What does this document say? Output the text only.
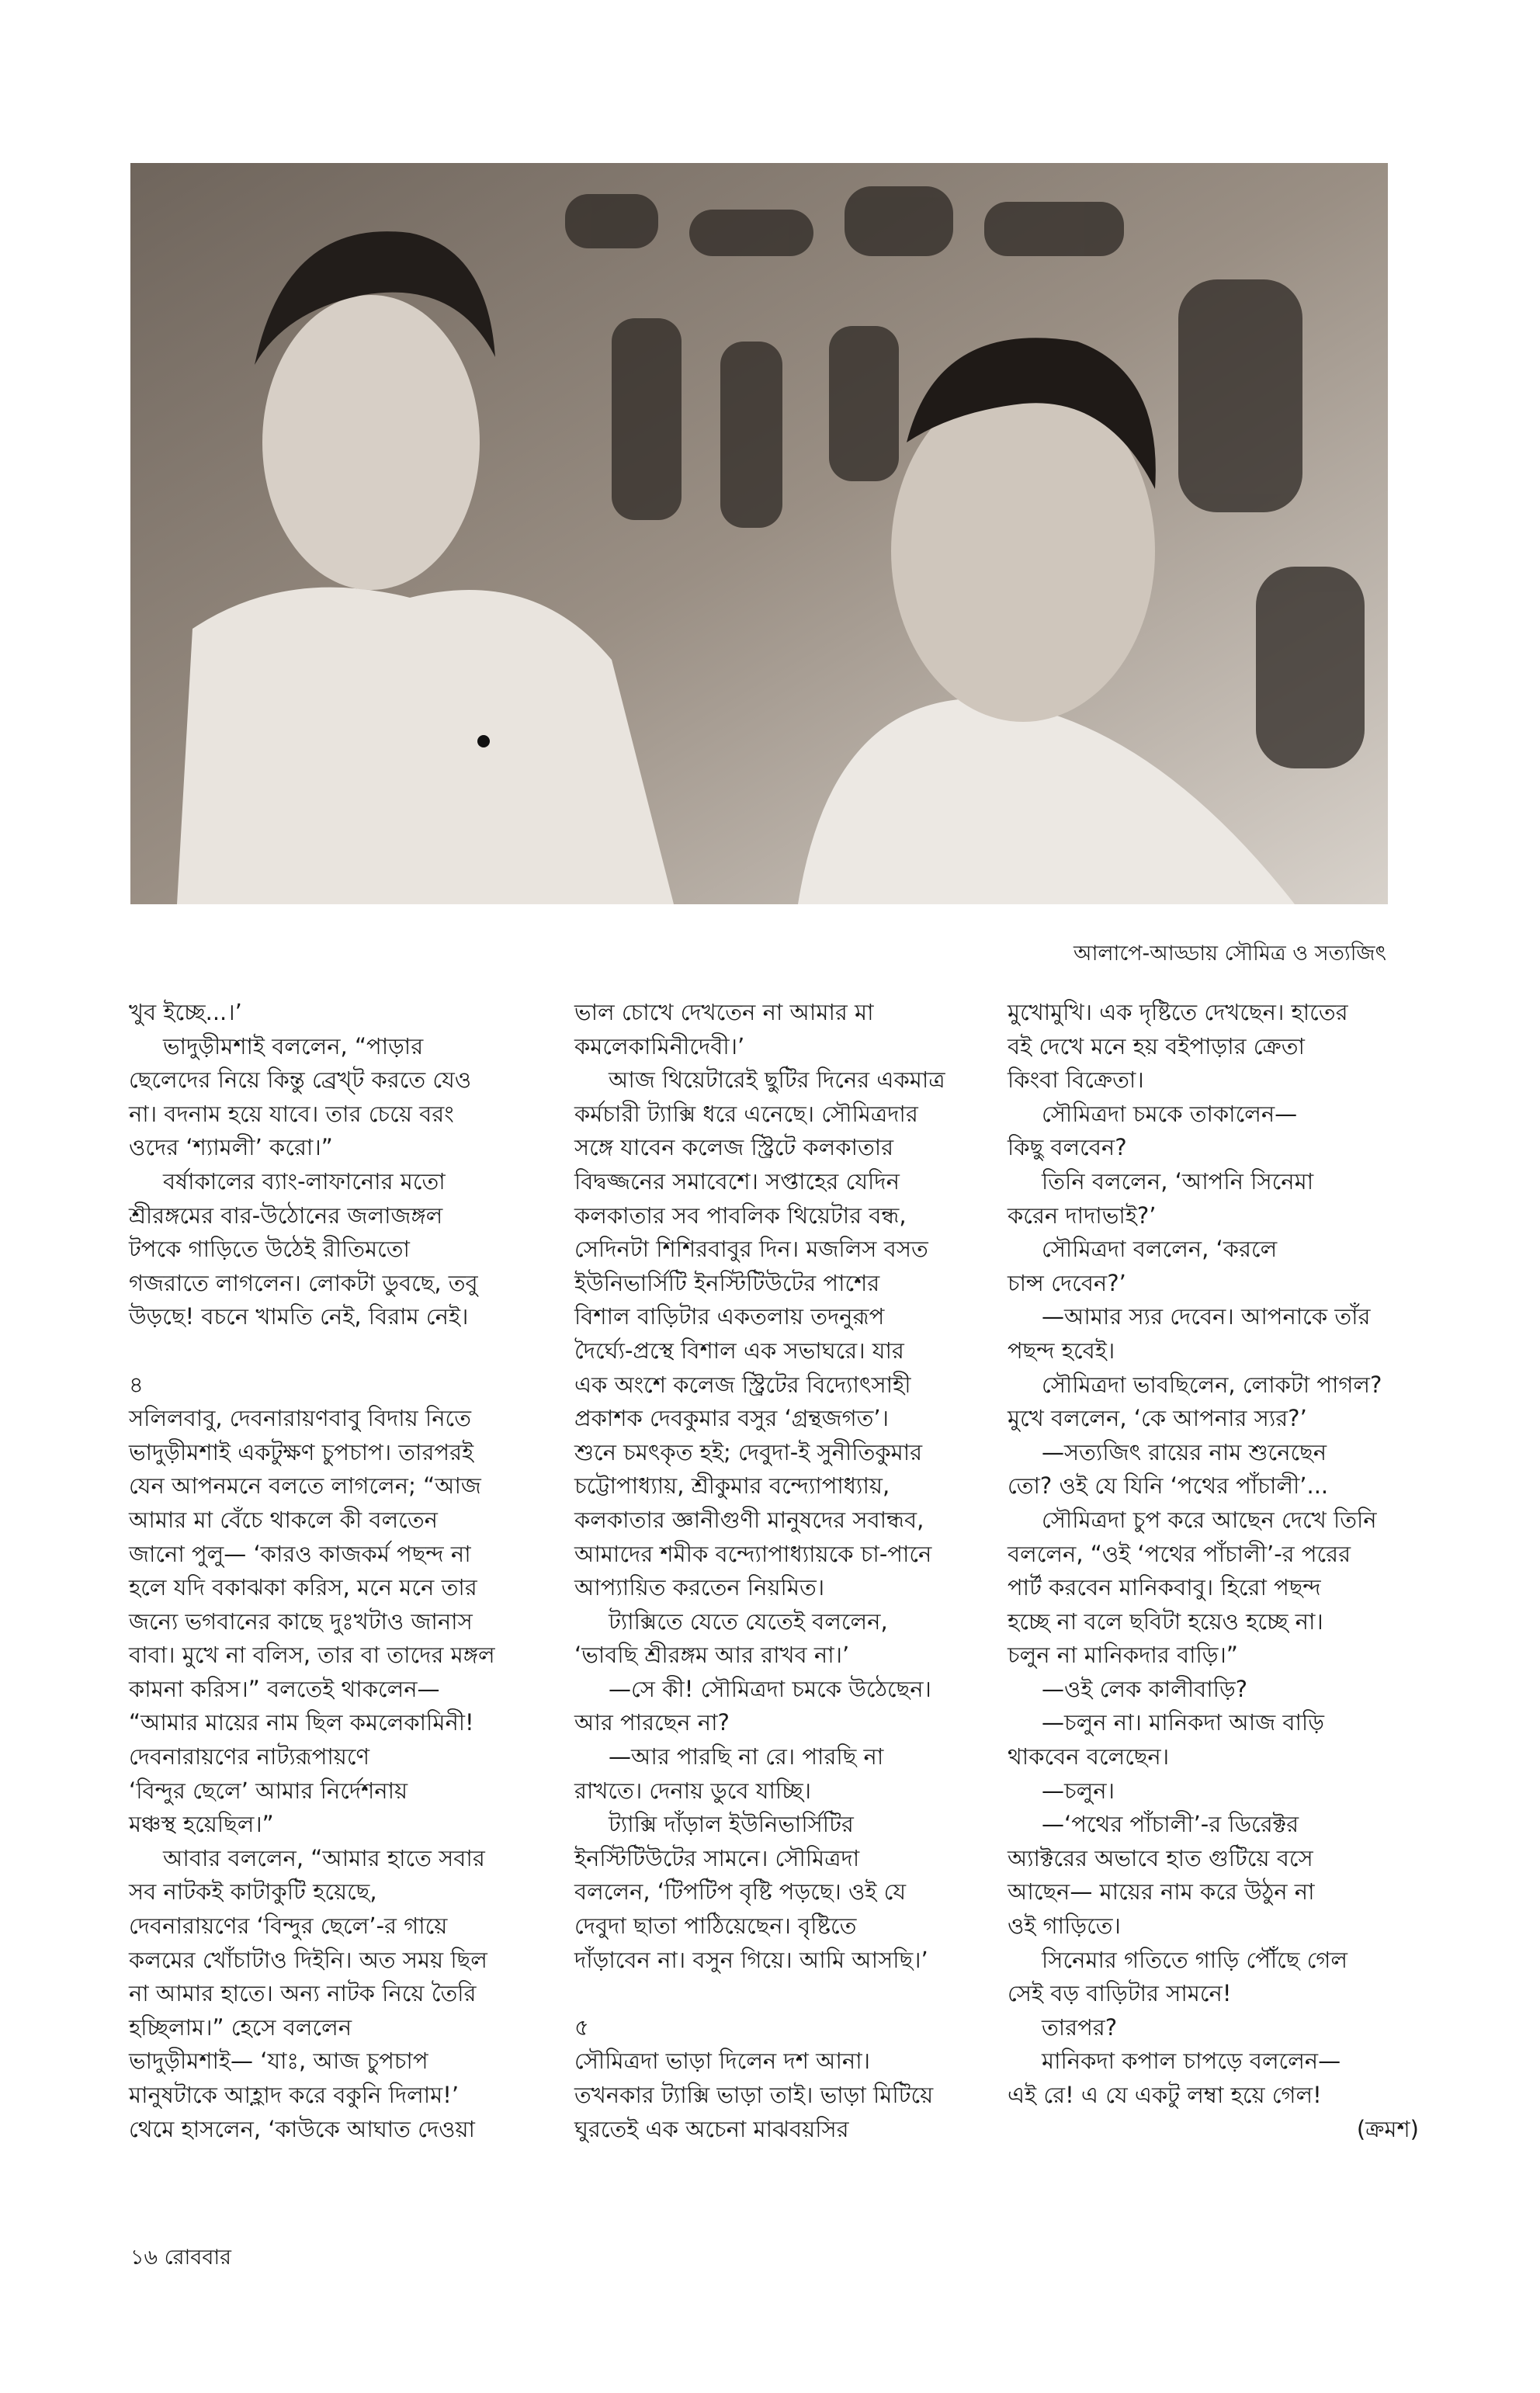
আলাপে-আড্ডায় সৌমিত্র ও সত্যজিৎ
খুব ইচ্ছে...।’
ভাদুড়ীমশাই বললেন, “পাড়ার
ছেলেদের নিয়ে কিন্তু ব্রেখ্‌ট করতে যেও
না। বদনাম হয়ে যাবে। তার চেয়ে বরং
ওদের ‘শ্যামলী’ করো।”
বর্ষাকালের ব্যাং-লাফানোর মতো
শ্রীরঙ্গমের বার-উঠোনের জলাজঙ্গল
টপকে গাড়িতে উঠেই রীতিমতো
গজরাতে লাগলেন। লোকটা ডুবছে, তবু
উড়ছে! বচনে খামতি নেই, বিরাম নেই।
৪
সলিলবাবু, দেবনারায়ণবাবু বিদায় নিতে
ভাদুড়ীমশাই একটুক্ষণ চুপচাপ। তারপরই
যেন আপনমনে বলতে লাগলেন; “আজ
আমার মা বেঁচে থাকলে কী বলতেন
জানো পুলু— ‘কারও কাজকর্ম পছন্দ না
হলে যদি বকাঝকা করিস, মনে মনে তার
জন্যে ভগবানের কাছে দুঃখটাও জানাস
বাবা। মুখে না বলিস, তার বা তাদের মঙ্গল
কামনা করিস।” বলতেই থাকলেন—
“আমার মায়ের নাম ছিল কমলেকামিনী!
দেবনারায়ণের নাট্যরূপায়ণে
‘বিন্দুর ছেলে’ আমার নির্দেশনায়
মঞ্চস্থ হয়েছিল।”
আবার বললেন, “আমার হাতে সবার
সব নাটকই কাটাকুটি হয়েছে,
দেবনারায়ণের ‘বিন্দুর ছেলে’-র গায়ে
কলমের খোঁচাটাও দিইনি। অত সময় ছিল
না আমার হাতে। অন্য নাটক নিয়ে তৈরি
হচ্ছিলাম।” হেসে বললেন
ভাদুড়ীমশাই— ‘যাঃ, আজ চুপচাপ
মানুষটাকে আহ্লাদ করে বকুনি দিলাম!’
থেমে হাসলেন, ‘কাউকে আঘাত দেওয়া
ভাল চোখে দেখতেন না আমার মা
কমলেকামিনীদেবী।’
আজ থিয়েটারেই ছুটির দিনের একমাত্র
কর্মচারী ট্যাক্সি ধরে এনেছে। সৌমিত্রদার
সঙ্গে যাবেন কলেজ স্ট্রিটে কলকাতার
বিদ্বজ্জনের সমাবেশে। সপ্তাহের যেদিন
কলকাতার সব পাবলিক থিয়েটার বন্ধ,
সেদিনটা শিশিরবাবুর দিন। মজলিস বসত
ইউনিভার্সিটি ইনস্টিটিউটের পাশের
বিশাল বাড়িটার একতলায় তদনুরূপ
দৈর্ঘ্যে-প্রস্থে বিশাল এক সভাঘরে। যার
এক অংশে কলেজ স্ট্রিটের বিদ্যোৎসাহী
প্রকাশক দেবকুমার বসুর ‘গ্রন্থজগত’।
শুনে চমৎকৃত হই; দেবুদা-ই সুনীতিকুমার
চট্টোপাধ্যায়, শ্রীকুমার বন্দ্যোপাধ্যায়,
কলকাতার জ্ঞানীগুণী মানুষদের সবান্ধব,
আমাদের শমীক বন্দ্যোপাধ্যায়কে চা-পানে
আপ্যায়িত করতেন নিয়মিত।
ট্যাক্সিতে যেতে যেতেই বললেন,
‘ভাবছি শ্রীরঙ্গম আর রাখব না।’
—সে কী! সৌমিত্রদা চমকে উঠেছেন।
আর পারছেন না?
—আর পারছি না রে। পারছি না
রাখতে। দেনায় ডুবে যাচ্ছি।
ট্যাক্সি দাঁড়াল ইউনিভার্সিটির
ইনস্টিটিউটের সামনে। সৌমিত্রদা
বললেন, ‘টিপটিপ বৃষ্টি পড়ছে। ওই যে
দেবুদা ছাতা পাঠিয়েছেন। বৃষ্টিতে
দাঁড়াবেন না। বসুন গিয়ে। আমি আসছি।’
৫
সৌমিত্রদা ভাড়া দিলেন দশ আনা।
তখনকার ট্যাক্সি ভাড়া তাই। ভাড়া মিটিয়ে
ঘুরতেই এক অচেনা মাঝবয়সির
মুখোমুখি। এক দৃষ্টিতে দেখছেন। হাতের
বই দেখে মনে হয় বইপাড়ার ক্রেতা
কিংবা বিক্রেতা।
সৌমিত্রদা চমকে তাকালেন—
কিছু বলবেন?
তিনি বললেন, ‘আপনি সিনেমা
করেন দাদাভাই?’
সৌমিত্রদা বললেন, ‘করলে
চান্স দেবেন?’
—আমার স্যর দেবেন। আপনাকে তাঁর
পছন্দ হবেই।
সৌমিত্রদা ভাবছিলেন, লোকটা পাগল?
মুখে বললেন, ‘কে আপনার স্যর?’
—সত্যজিৎ রায়ের নাম শুনেছেন
তো? ওই যে যিনি ‘পথের পাঁচালী’...
সৌমিত্রদা চুপ করে আছেন দেখে তিনি
বললেন, “ওই ‘পথের পাঁচালী’-র পরের
পার্ট করবেন মানিকবাবু। হিরো পছন্দ
হচ্ছে না বলে ছবিটা হয়েও হচ্ছে না।
চলুন না মানিকদার বাড়ি।”
—ওই লেক কালীবাড়ি?
—চলুন না। মানিকদা আজ বাড়ি
থাকবেন বলেছেন।
—চলুন।
—‘পথের পাঁচালী’-র ডিরেক্টর
অ্যাক্টরের অভাবে হাত গুটিয়ে বসে
আছেন— মায়ের নাম করে উঠুন না
ওই গাড়িতে।
সিনেমার গতিতে গাড়ি পৌঁছে গেল
সেই বড় বাড়িটার সামনে!
তারপর?
মানিকদা কপাল চাপড়ে বললেন—
এই রে! এ যে একটু লম্বা হয়ে গেল!
(ক্রমশ)
১৬ রোববার
